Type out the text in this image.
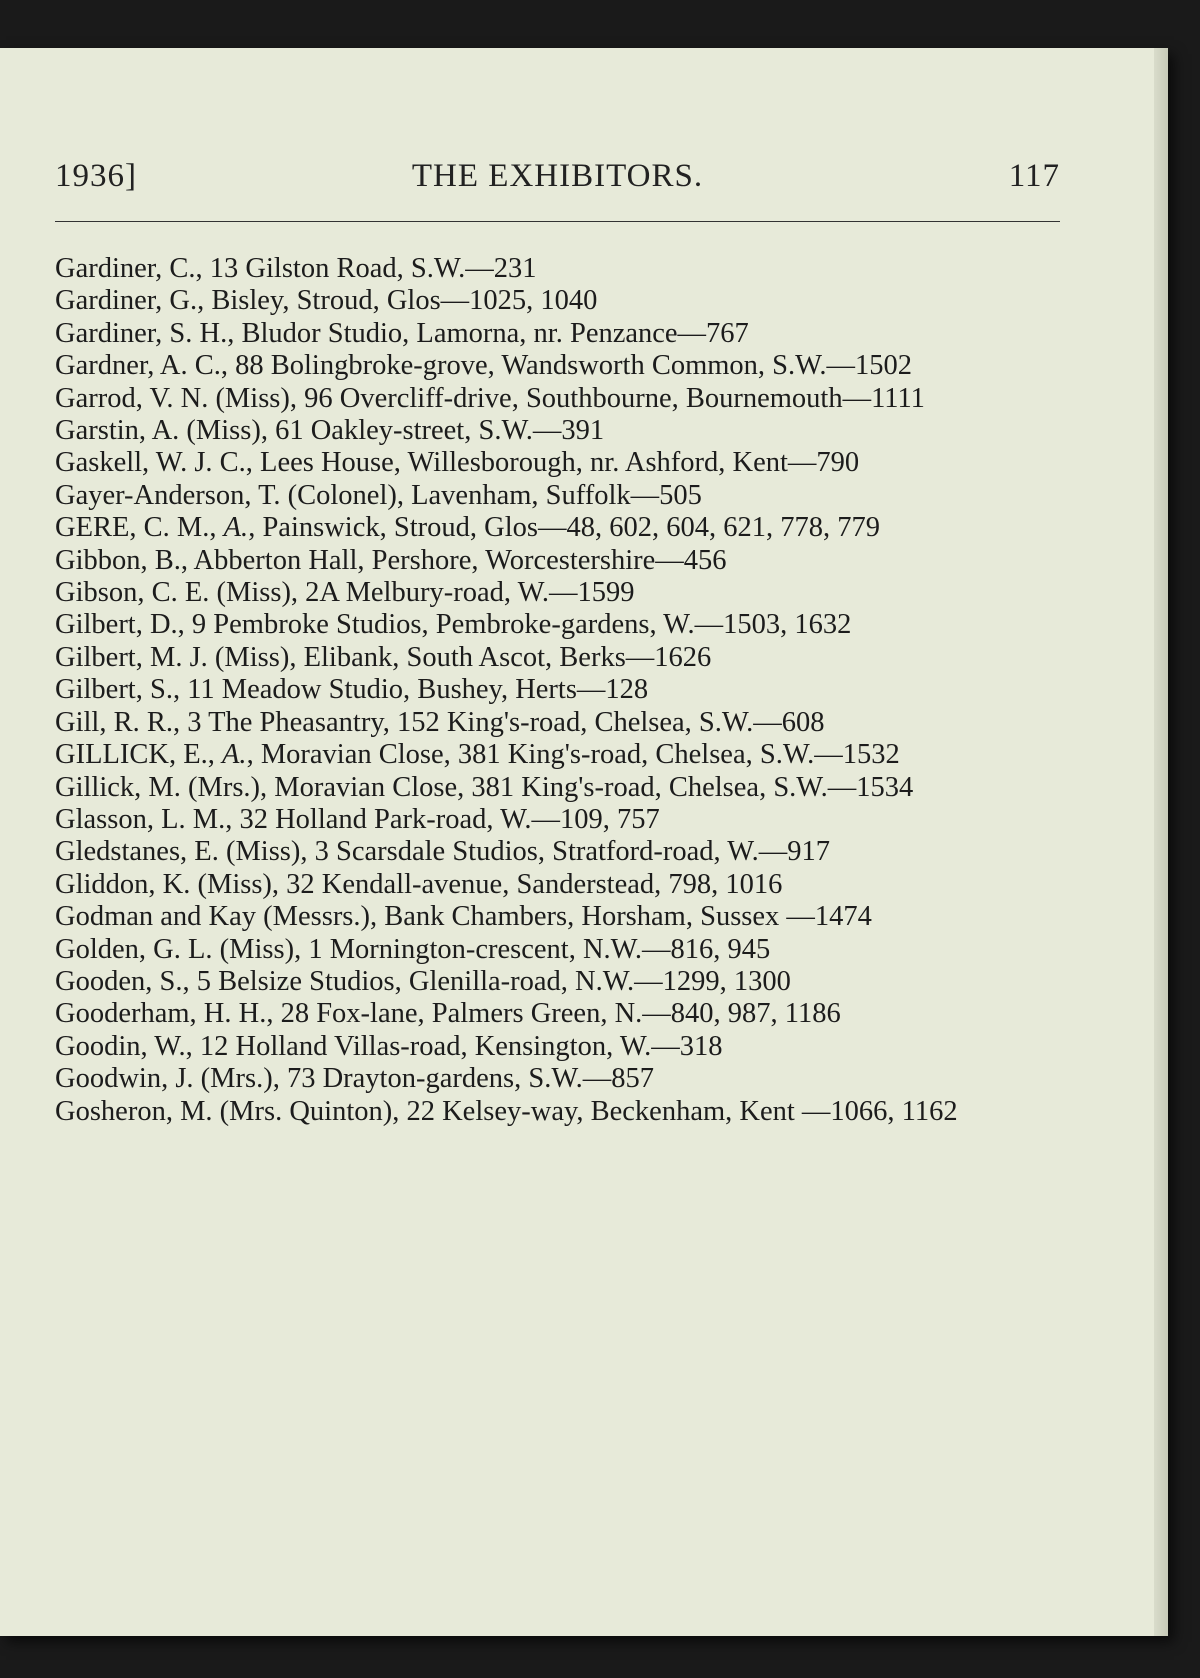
1936]	THE EXHIBITORS.	117
Gardiner, C., 13 Gilston Road, S.W.—231
Gardiner, G., Bisley, Stroud, Glos—1025, 1040
Gardiner, S. H., Bludor Studio, Lamorna, nr. Penzance—767
Gardner, A. C., 88 Bolingbroke-grove, Wandsworth Common, S.W.—1502
Garrod, V. N. (Miss), 96 Overcliff-drive, Southbourne, Bournemouth—1111
Garstin, A. (Miss), 61 Oakley-street, S.W.—391
Gaskell, W. J. C., Lees House, Willesborough, nr. Ashford, Kent—790
Gayer-Anderson, T. (Colonel), Lavenham, Suffolk—505
GERE, C. M., A., Painswick, Stroud, Glos—48, 602, 604, 621, 778, 779
Gibbon, B., Abberton Hall, Pershore, Worcestershire—456
Gibson, C. E. (Miss), 2A Melbury-road, W.—1599
Gilbert, D., 9 Pembroke Studios, Pembroke-gardens, W.—1503, 1632
Gilbert, M. J. (Miss), Elibank, South Ascot, Berks—1626
Gilbert, S., 11 Meadow Studio, Bushey, Herts—128
Gill, R. R., 3 The Pheasantry, 152 King's-road, Chelsea, S.W.—608
GILLICK, E., A., Moravian Close, 381 King's-road, Chelsea, S.W.—1532
Gillick, M. (Mrs.), Moravian Close, 381 King's-road, Chelsea, S.W.—1534
Glasson, L. M., 32 Holland Park-road, W.—109, 757
Gledstanes, E. (Miss), 3 Scarsdale Studios, Stratford-road, W.—917
Gliddon, K. (Miss), 32 Kendall-avenue, Sanderstead, 798, 1016
Godman and Kay (Messrs.), Bank Chambers, Horsham, Sussex —1474
Golden, G. L. (Miss), 1 Mornington-crescent, N.W.—816, 945
Gooden, S., 5 Belsize Studios, Glenilla-road, N.W.—1299, 1300
Gooderham, H. H., 28 Fox-lane, Palmers Green, N.—840, 987, 1186
Goodin, W., 12 Holland Villas-road, Kensington, W.—318
Goodwin, J. (Mrs.), 73 Drayton-gardens, S.W.—857
Gosheron, M. (Mrs. Quinton), 22 Kelsey-way, Beckenham, Kent —1066, 1162
